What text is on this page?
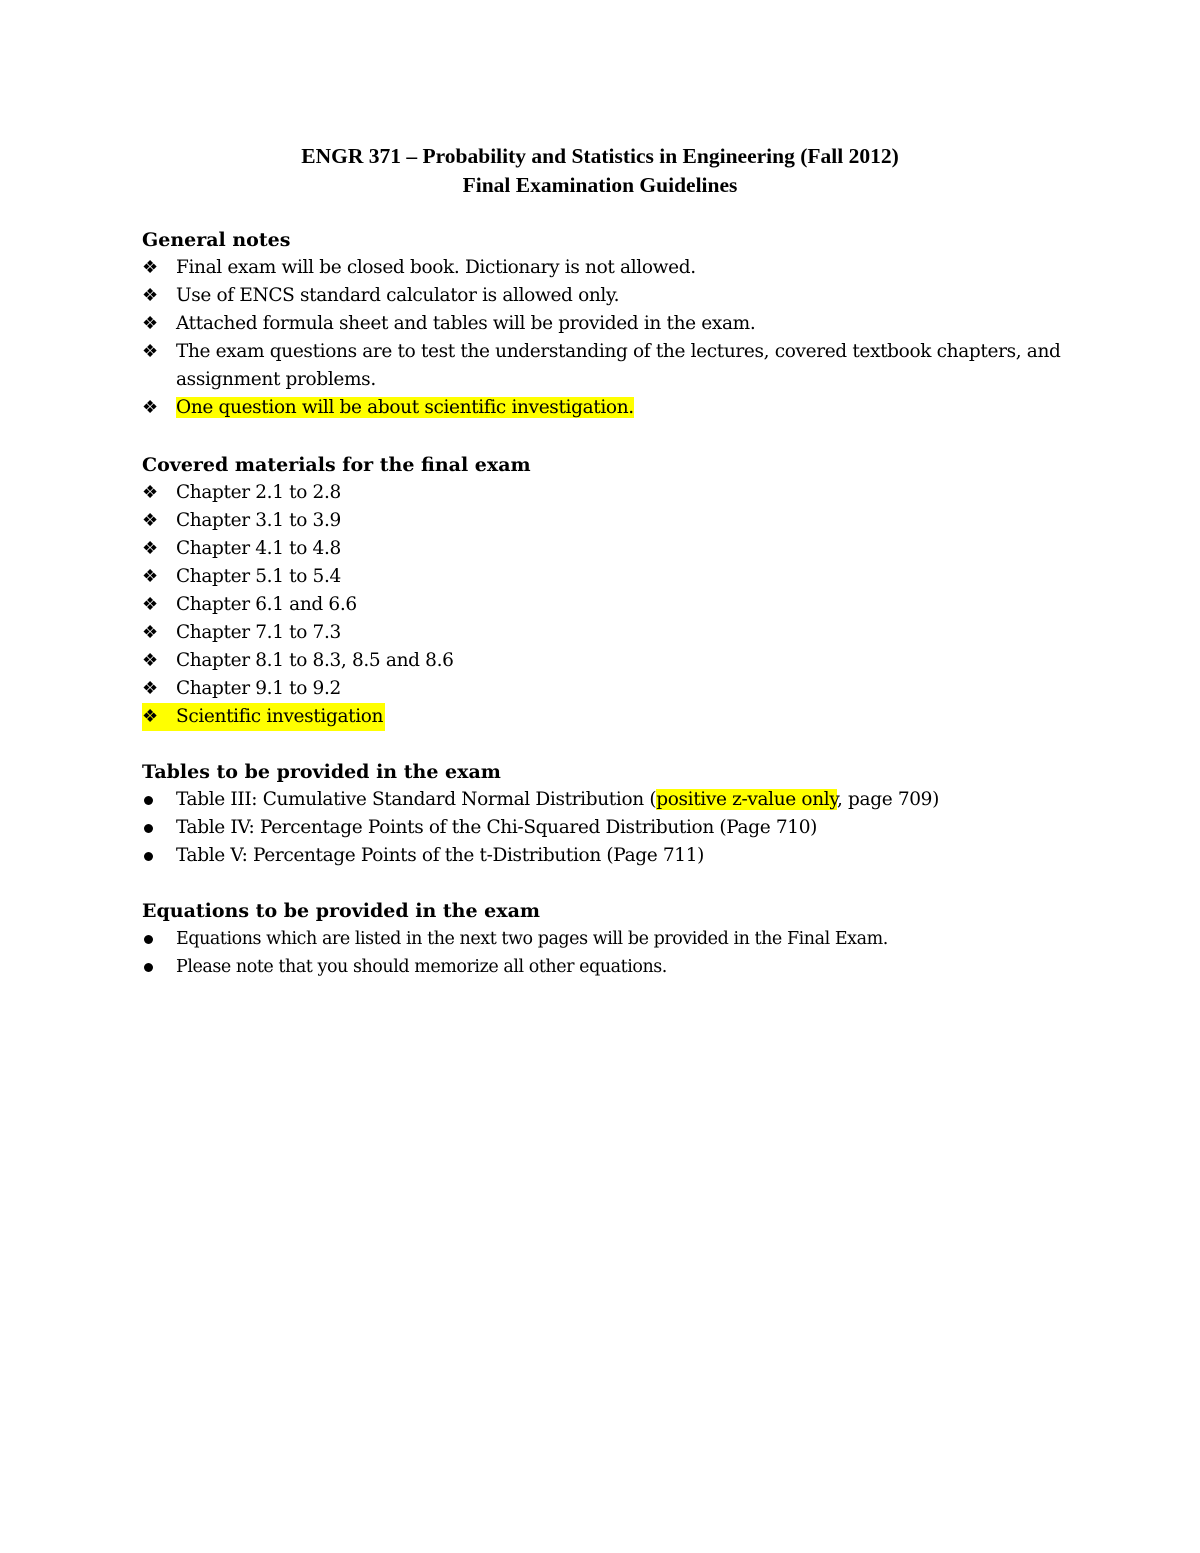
ENGR 371 – Probability and Statistics in Engineering (Fall 2012)
Final Examination Guidelines
General notes
❖ Final exam will be closed book. Dictionary is not allowed.
❖ Use of ENCS standard calculator is allowed only.
❖ Attached formula sheet and tables will be provided in the exam.
❖ The exam questions are to test the understanding of the lectures, covered textbook chapters, and assignment problems.
❖ One question will be about scientific investigation.
Covered materials for the final exam
❖ Chapter 2.1 to 2.8
❖ Chapter 3.1 to 3.9
❖ Chapter 4.1 to 4.8
❖ Chapter 5.1 to 5.4
❖ Chapter 6.1 and 6.6
❖ Chapter 7.1 to 7.3
❖ Chapter 8.1 to 8.3, 8.5 and 8.6
❖ Chapter 9.1 to 9.2
❖ Scientific investigation
Tables to be provided in the exam
Table III: Cumulative Standard Normal Distribution (positive z-value only, page 709)
Table IV: Percentage Points of the Chi-Squared Distribution (Page 710)
Table V: Percentage Points of the t-Distribution (Page 711)
Equations to be provided in the exam
Equations which are listed in the next two pages will be provided in the Final Exam.
Please note that you should memorize all other equations.
